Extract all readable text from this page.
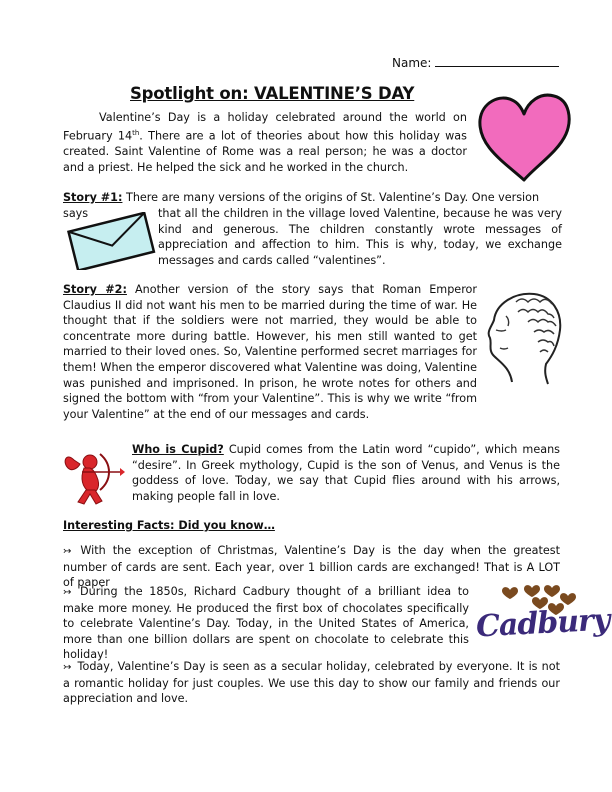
Name:
Spotlight on: VALENTINE’S DAY
Valentine’s Day is a holiday celebrated around the world on February 14th. There are a lot of theories about how this holiday was created. Saint Valentine of Rome was a real person; he was a doctor and a priest. He helped the sick and he worked in the church.
Story #1: There are many versions of the origins of St. Valentine’s Day. One version says	that all the children in the village loved Valentine, because he was very kind and generous. The children constantly wrote messages of appreciation and affection to him. This is why, today, we exchange messages and cards called “valentines”.
Story #2: Another version of the story says that Roman Emperor Claudius II did not want his men to be married during the time of war. He thought that if the soldiers were not married, they would be able to concentrate more during battle. However, his men still wanted to get married to their loved ones. So, Valentine performed secret marriages for them! When the emperor discovered what Valentine was doing, Valentine was punished and imprisoned. In prison, he wrote notes for others and signed the bottom with “from your Valentine”. This is why we write “from your Valentine” at the end of our messages and cards.
Who is Cupid? Cupid comes from the Latin word “cupido”, which means “desire”. In Greek mythology, Cupid is the son of Venus, and Venus is the goddess of love. Today, we say that Cupid flies around with his arrows, making people fall in love.
Interesting Facts: Did you know…
↣ With the exception of Christmas, Valentine’s Day is the day when the greatest number of cards are sent. Each year, over 1 billion cards are exchanged! That is A LOT of paper
↣ During the 1850s, Richard Cadbury thought of a brilliant idea to make more money. He produced the first box of chocolates specifically to celebrate Valentine’s Day. Today, in the United States of America, more than one billion dollars are spent on chocolate to celebrate this holiday!
Cadbury
↣ Today, Valentine’s Day is seen as a secular holiday, celebrated by everyone. It is not a romantic holiday for just couples. We use this day to show our family and friends our appreciation and love.
